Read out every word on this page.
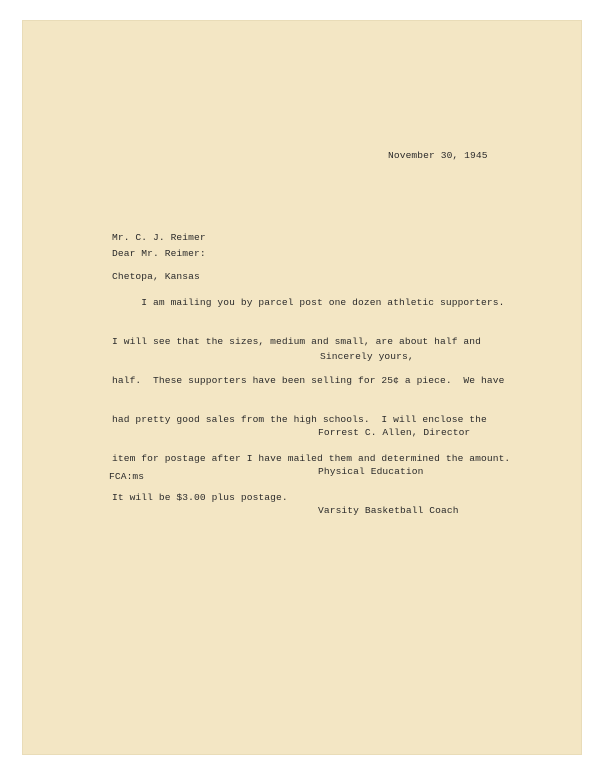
November 30, 1945

Mr. C. J. Reimer

Chetopa, Kansas

Dear Mr. Reimer:

I am mailing you by parcel post one dozen athletic supporters.

I will see that the sizes, medium and small, are about half and

half.  These supporters have been selling for 25¢ a piece.  We have

had pretty good sales from the high schools.  I will enclose the

item for postage after I have mailed them and determined the amount.

It will be $3.00 plus postage.

Sincerely yours,

Forrest C. Allen, Director

Physical Education

Varsity Basketball Coach

FCA:ms
